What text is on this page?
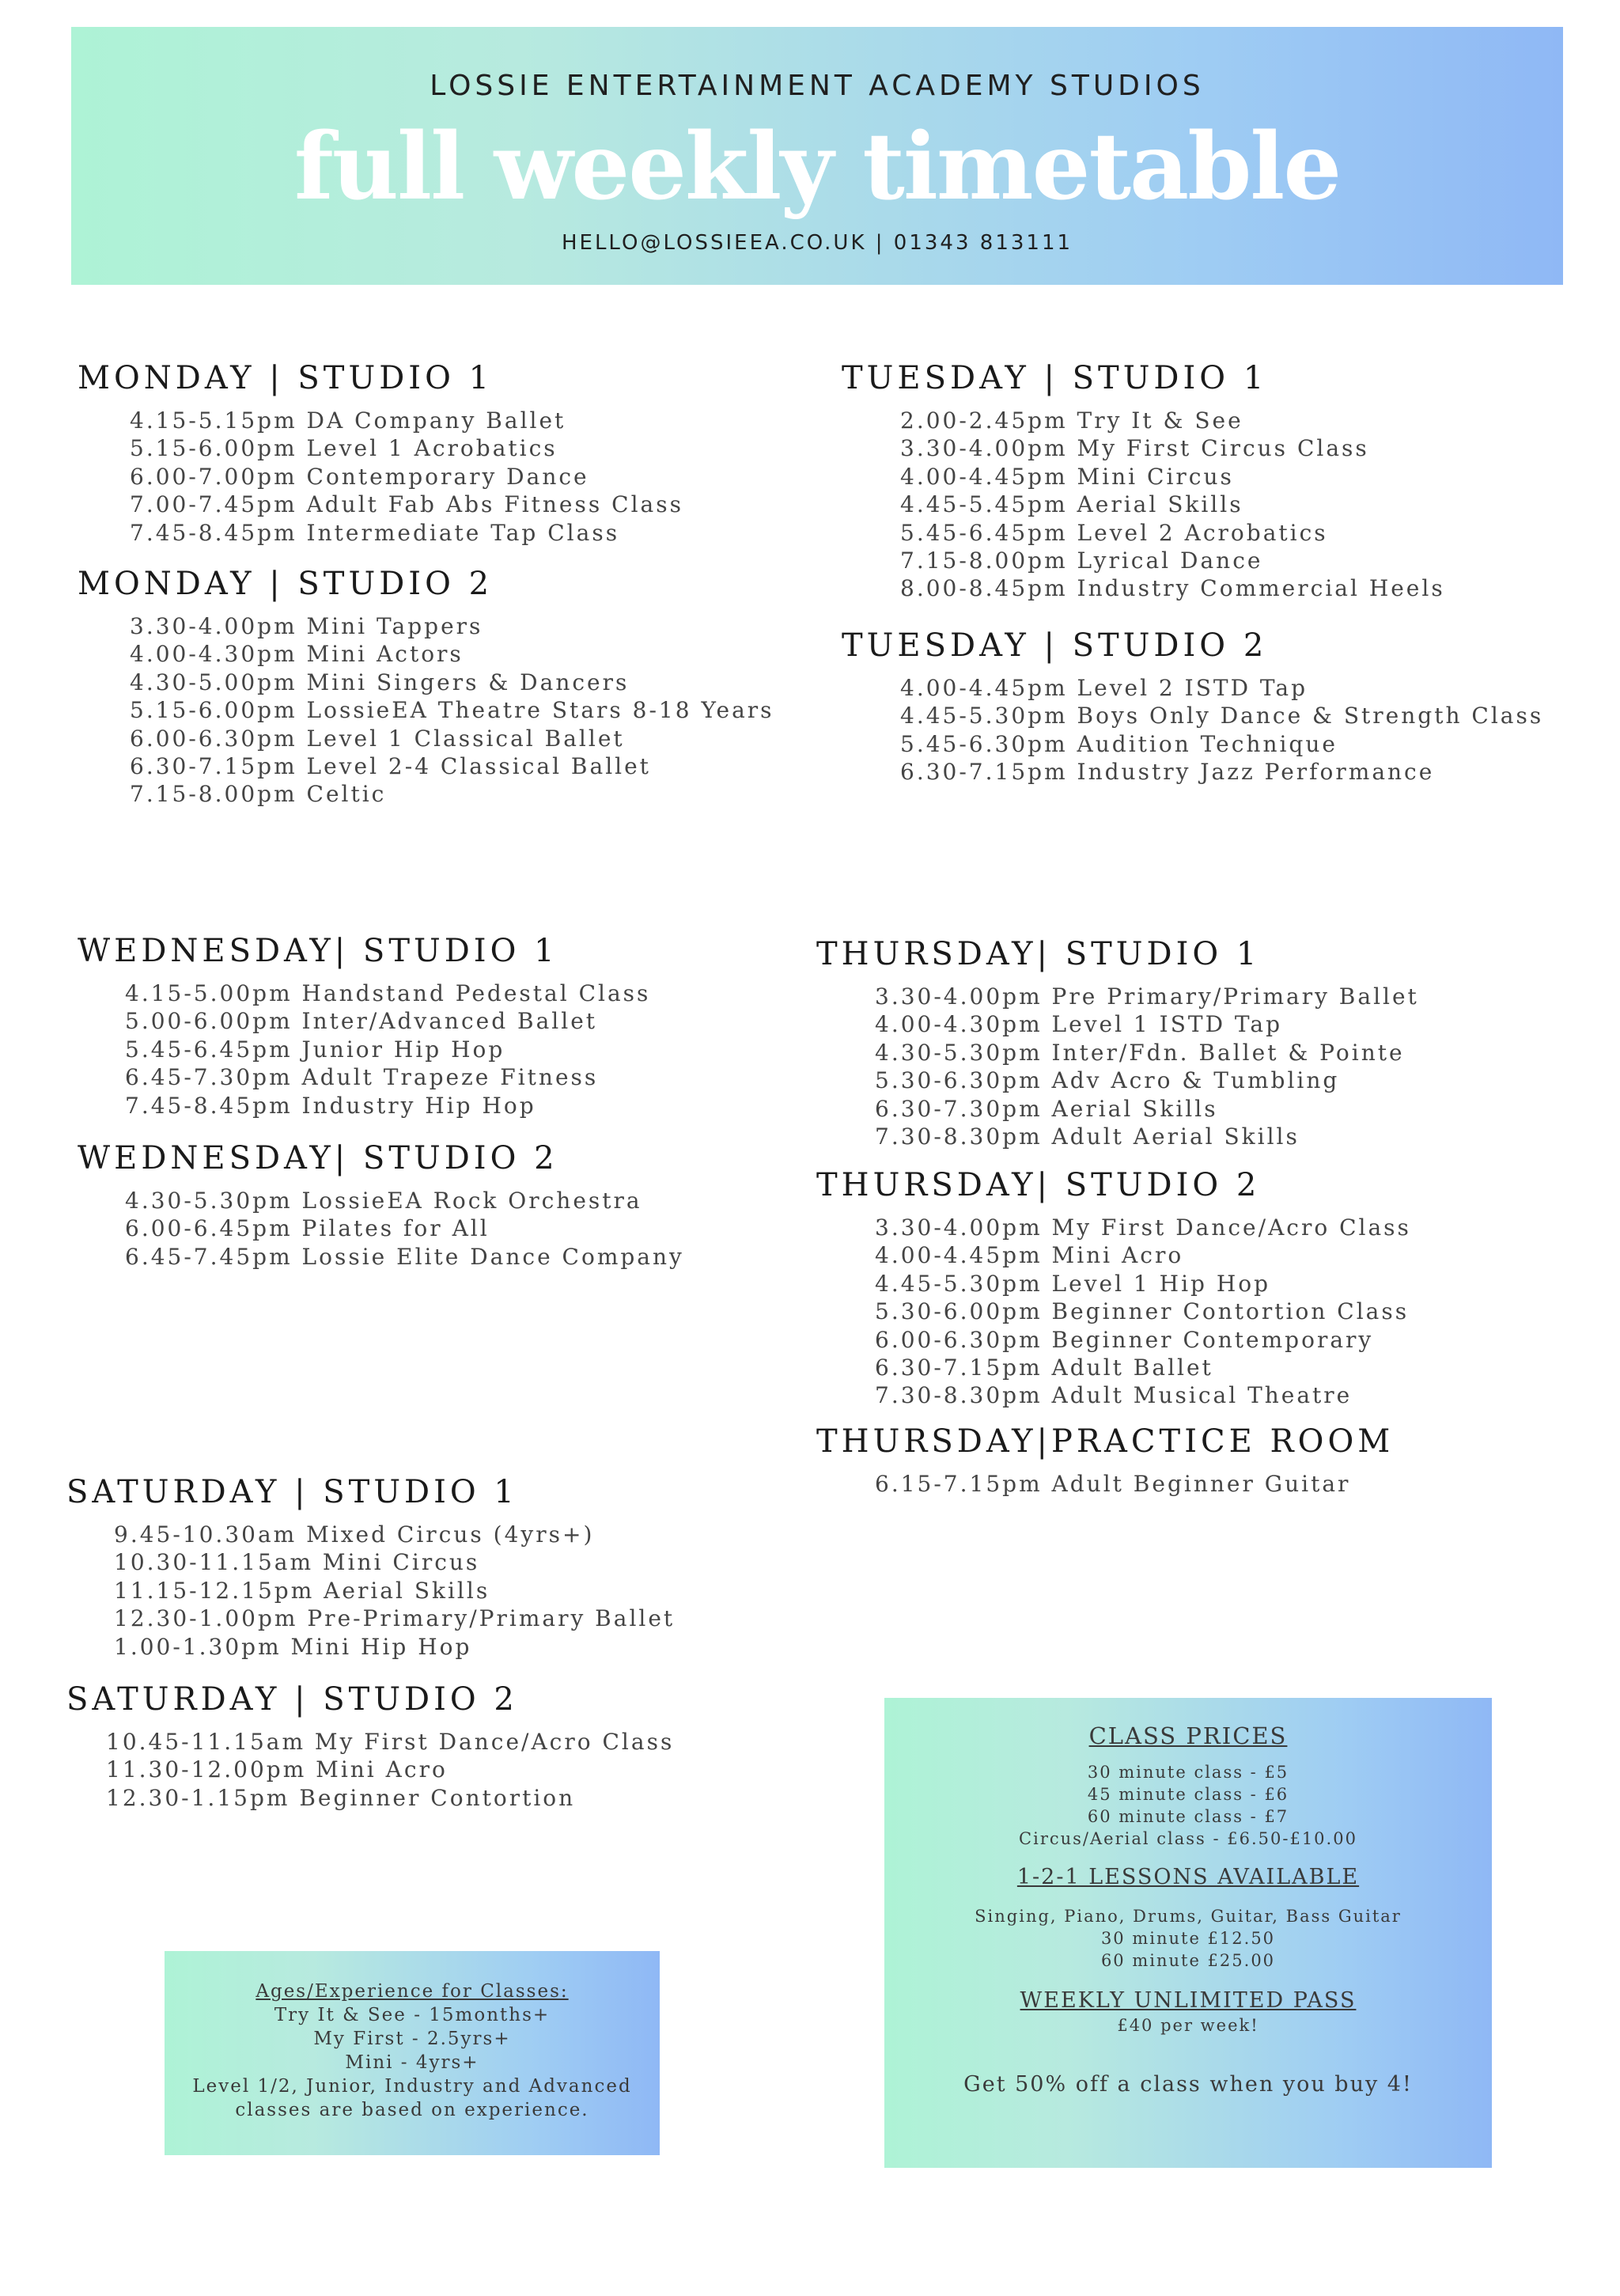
LOSSIE ENTERTAINMENT ACADEMY STUDIOS
full weekly timetable
HELLO@LOSSIEEA.CO.UK | 01343 813111
MONDAY | STUDIO 1
4.15-5.15pm DA Company Ballet
5.15-6.00pm Level 1 Acrobatics
6.00-7.00pm Contemporary Dance
7.00-7.45pm Adult Fab Abs Fitness Class
7.45-8.45pm Intermediate Tap Class
MONDAY | STUDIO 2
3.30-4.00pm Mini Tappers
4.00-4.30pm Mini Actors
4.30-5.00pm Mini Singers & Dancers
5.15-6.00pm LossieEA Theatre Stars 8-18 Years
6.00-6.30pm Level 1 Classical Ballet
6.30-7.15pm Level 2-4 Classical Ballet
7.15-8.00pm Celtic
TUESDAY | STUDIO 1
2.00-2.45pm Try It & See
3.30-4.00pm My First Circus Class
4.00-4.45pm Mini Circus
4.45-5.45pm Aerial Skills
5.45-6.45pm Level 2 Acrobatics
7.15-8.00pm Lyrical Dance
8.00-8.45pm Industry Commercial Heels
TUESDAY | STUDIO 2
4.00-4.45pm Level 2 ISTD Tap
4.45-5.30pm Boys Only Dance & Strength Class
5.45-6.30pm Audition Technique
6.30-7.15pm Industry Jazz Performance
WEDNESDAY| STUDIO 1
4.15-5.00pm Handstand Pedestal Class
5.00-6.00pm Inter/Advanced Ballet
5.45-6.45pm Junior Hip Hop
6.45-7.30pm Adult Trapeze Fitness
7.45-8.45pm Industry Hip Hop
WEDNESDAY| STUDIO 2
4.30-5.30pm LossieEA Rock Orchestra
6.00-6.45pm Pilates for All
6.45-7.45pm Lossie Elite Dance Company
THURSDAY| STUDIO 1
3.30-4.00pm Pre Primary/Primary Ballet
4.00-4.30pm Level 1 ISTD Tap
4.30-5.30pm Inter/Fdn. Ballet & Pointe
5.30-6.30pm Adv Acro & Tumbling
6.30-7.30pm Aerial Skills
7.30-8.30pm Adult Aerial Skills
THURSDAY| STUDIO 2
3.30-4.00pm My First Dance/Acro Class
4.00-4.45pm Mini Acro
4.45-5.30pm Level 1 Hip Hop
5.30-6.00pm Beginner Contortion Class
6.00-6.30pm Beginner Contemporary
6.30-7.15pm Adult Ballet
7.30-8.30pm Adult Musical Theatre
THURSDAY|PRACTICE ROOM
6.15-7.15pm Adult Beginner Guitar
SATURDAY | STUDIO 1
9.45-10.30am Mixed Circus (4yrs+)
10.30-11.15am Mini Circus
11.15-12.15pm Aerial Skills
12.30-1.00pm Pre-Primary/Primary Ballet
1.00-1.30pm Mini Hip Hop
SATURDAY | STUDIO 2
10.45-11.15am My First Dance/Acro Class
11.30-12.00pm Mini Acro
12.30-1.15pm Beginner Contortion
Ages/Experience for Classes:
Try It & See - 15months+
My First - 2.5yrs+
Mini - 4yrs+
Level 1/2, Junior, Industry and Advanced
classes are based on experience.
CLASS PRICES
30 minute class - £5
45 minute class - £6
60 minute class - £7
Circus/Aerial class - £6.50-£10.00
1-2-1 LESSONS AVAILABLE
Singing, Piano, Drums, Guitar, Bass Guitar
30 minute £12.50
60 minute £25.00
WEEKLY UNLIMITED PASS
£40 per week!
Get 50% off a class when you buy 4!
